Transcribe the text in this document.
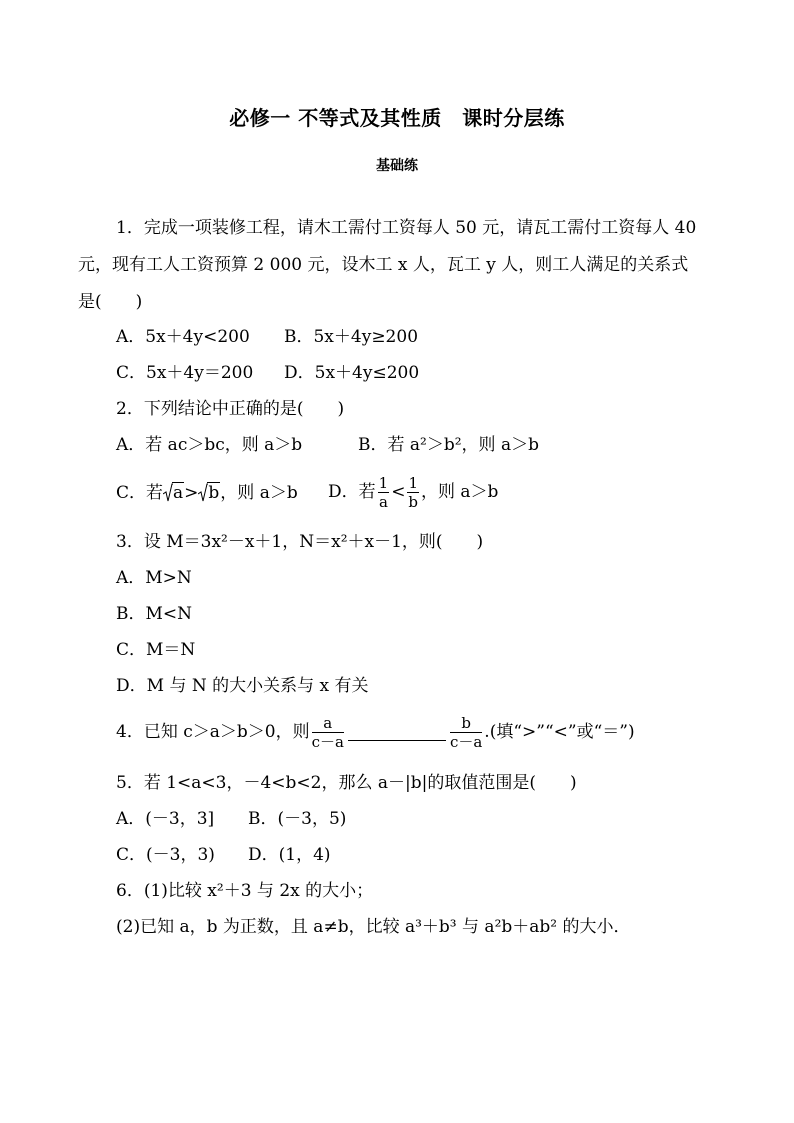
必修一 不等式及其性质　课时分层练
基础练
1．完成一项装修工程，请木工需付工资每人 50 元，请瓦工需付工资每人 40
元，现有工人工资预算 2 000 元，设木工 x 人，瓦工 y 人，则工人满足的关系式
是(　　)
A．5x＋4y<200 B．5x＋4y≥200
C．5x＋4y＝200 D．5x＋4y≤200
2．下列结论中正确的是(　　)
A．若 ac＞bc，则 a＞b	B．若 a²＞b²，则 a＞b
C．若 a> b，则 a＞b D．若 $\frac{1}{a} < \frac{1}{b}$ ，则 a＞b
3．设 M＝3x²－x＋1，N＝x²＋x－1，则(　　)
A．M>N
B．M<N
C．M＝N
D．M 与 N 的大小关系与 x 有关
4．已知 c＞a＞b＞0，则 $\frac{a}{c-a}$	$\frac{b}{c-a}$ .(填“>”“<”或“＝”)
5．若 1<a<3，－4<b<2，那么 a－|b|的取值范围是(　　)
A．(－3，3] B．(－3，5)
C．(－3，3) D．(1，4)
6．(1)比较 x²＋3 与 2x 的大小；
(2)已知 a，b 为正数，且 a≠b，比较 a³＋b³ 与 a²b＋ab² 的大小．
